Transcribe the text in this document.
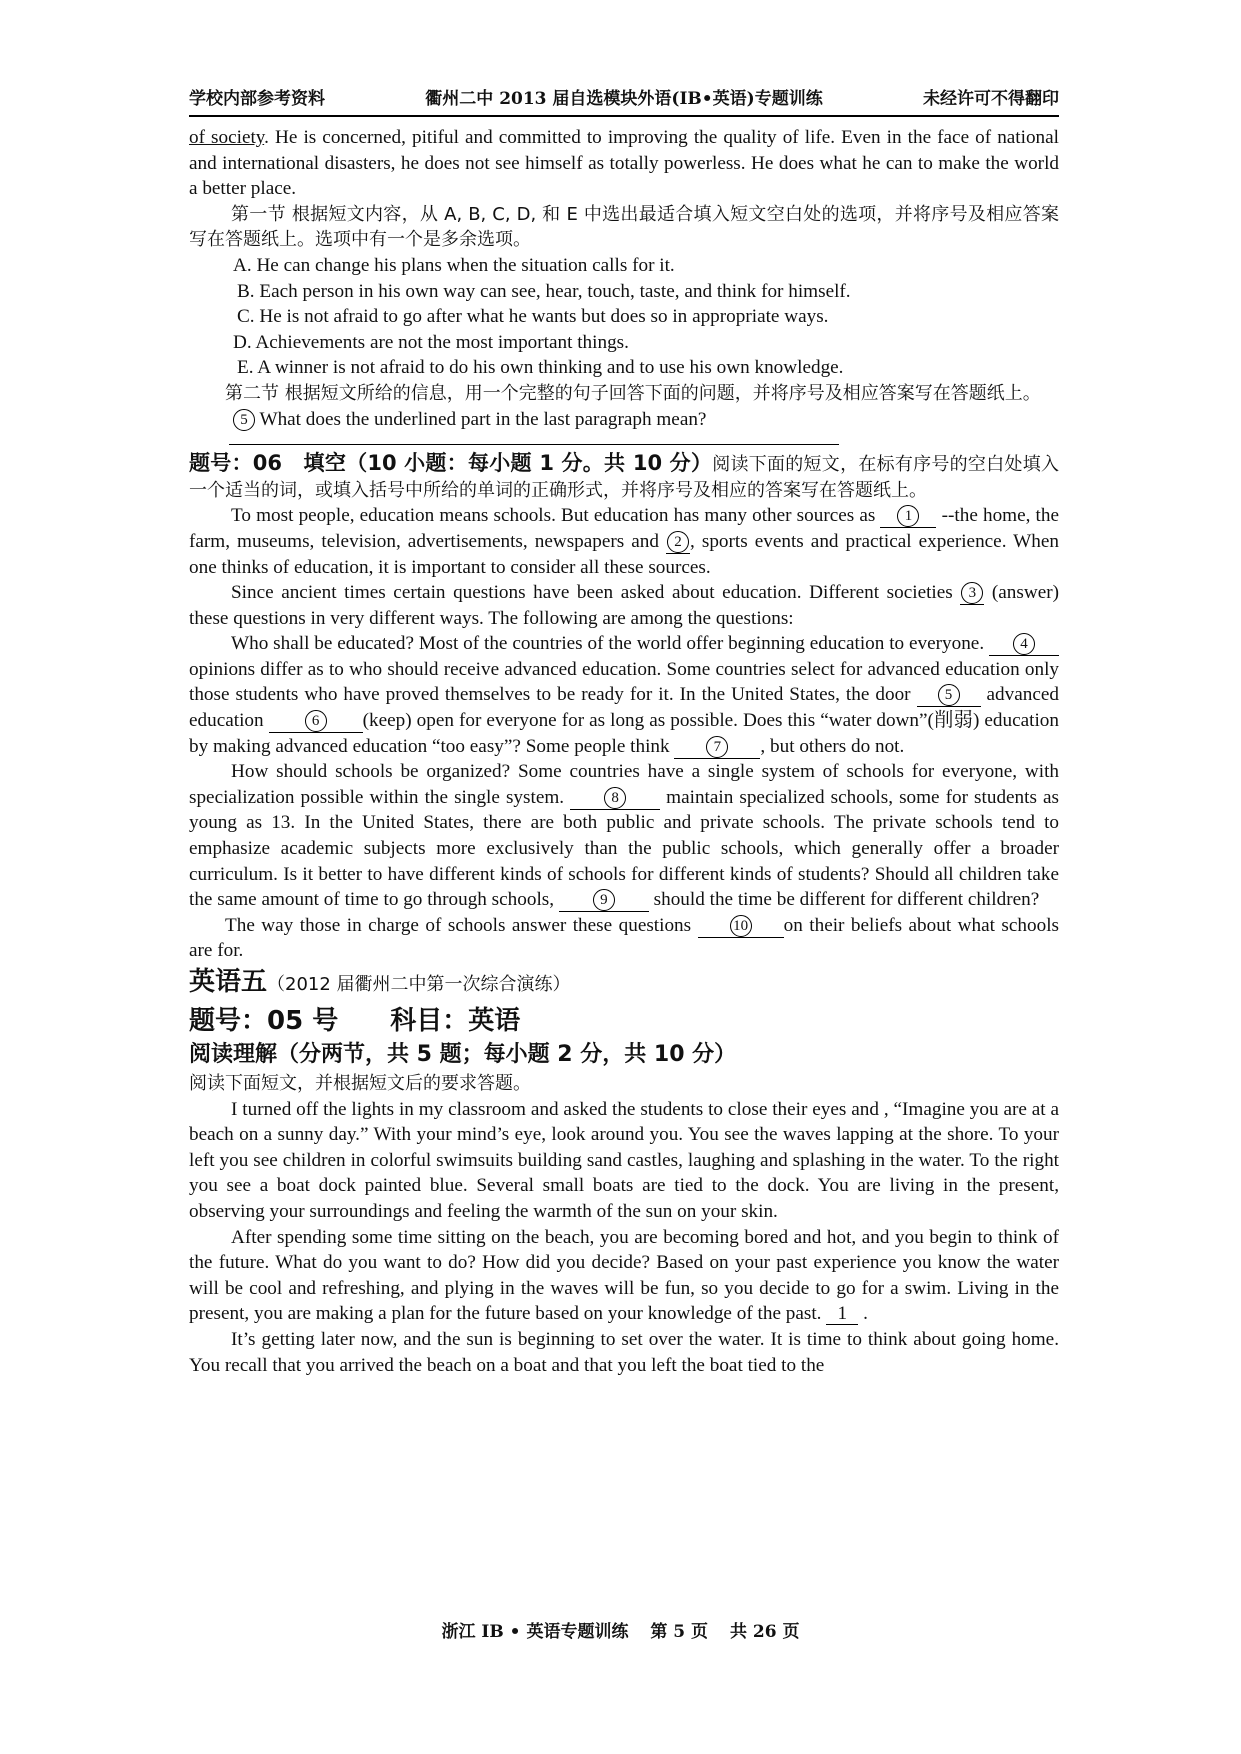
学校内部参考资料	衢州二中 2013 届自选模块外语(IB•英语)专题训练	未经许可不得翻印

of society. He is concerned, pitiful and committed to improving the quality of life. Even in the face of national and international disasters, he does not see himself as totally powerless. He does what he can to make the world a better place.

第一节 根据短文内容，从 A, B, C, D, 和 E 中选出最适合填入短文空白处的选项，并将序号及相应答案写在答题纸上。选项中有一个是多余选项。

A. He can change his plans when the situation calls for it.

B. Each person in his own way can see, hear, touch, taste, and think for himself.

C. He is not afraid to go after what he wants but does so in appropriate ways.

D. Achievements are not the most important things.

E. A winner is not afraid to do his own thinking and to use his own knowledge.

第二节 根据短文所给的信息，用一个完整的句子回答下面的问题，并将序号及相应答案写在答题纸上。

5 What does the underlined part in the last paragraph mean?

题号：06　填空（10 小题：每小题 1 分。共 10 分）阅读下面的短文，在标有序号的空白处填入一个适当的词，或填入括号中所给的单词的正确形式，并将序号及相应的答案写在答题纸上。

To most people, education means schools. But education has many other sources as 1 --the home, the farm, museums, television, advertisements, newspapers and 2 , sports events and practical experience. When one thinks of education, it is important to consider all these sources.

Since ancient times certain questions have been asked about education. Different societies 3 (answer) these questions in very different ways. The following are among the questions:

Who shall be educated? Most of the countries of the world offer beginning education to everyone. 4 opinions differ as to who should receive advanced education. Some countries select for advanced education only those students who have proved themselves to be ready for it. In the United States, the door 5 advanced education	6 (keep) open for everyone for as long as possible. Does this “water down”(削弱) education by making advanced education “too easy”? Some people think	7 , but others do not.

How should schools be organized? Some countries have a single system of schools for everyone, with specialization possible within the single system.	8 maintain specialized schools, some for students as young as 13. In the United States, there are both public and private schools. The private schools tend to emphasize academic subjects more exclusively than the public schools, which generally offer a broader curriculum. Is it better to have different kinds of schools for different kinds of students? Should all children take the same amount of time to go through schools,	9 should the time be different for different children?

The way those in charge of schools answer these questions 10 on their beliefs about what schools are for.

英语五（2012 届衢州二中第一次综合演练）

题号：05 号　　科目：英语

阅读理解（分两节，共 5 题；每小题 2 分，共 10 分）

阅读下面短文，并根据短文后的要求答题。

I turned off the lights in my classroom and asked the students to close their eyes and , “Imagine you are at a beach on a sunny day.” With your mind’s eye, look around you. You see the waves lapping at the shore. To your left you see children in colorful swimsuits building sand castles, laughing and splashing in the water. To the right you see a boat dock painted blue. Several small boats are tied to the dock. You are living in the present, observing your surroundings and feeling the warmth of the sun on your skin.

After spending some time sitting on the beach, you are becoming bored and hot, and you begin to think of the future. What do you want to do? How did you decide? Based on your past experience you know the water will be cool and refreshing, and plying in the waves will be fun, so you decide to go for a swim. Living in the present, you are making a plan for the future based on your knowledge of the past. 1 .

It’s getting later now, and the sun is beginning to set over the water. It is time to think about going home. You recall that you arrived the beach on a boat and that you left the boat tied to the

浙江 IB • 英语专题训练 第 5 页 共 26 页
